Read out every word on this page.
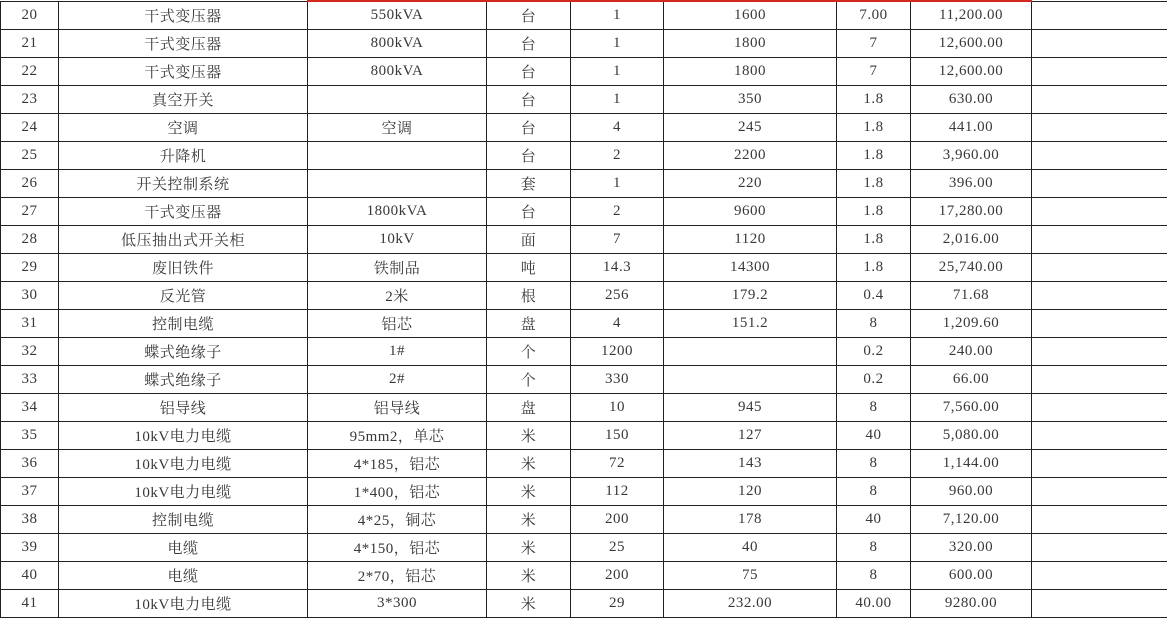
20	干式变压器	550kVA	台	1	1600	7.00	11,200.00	
21	干式变压器	800kVA	台	1	1800	7	12,600.00	
22	干式变压器	800kVA	台	1	1800	7	12,600.00	
23	真空开关		台	1	350	1.8	630.00	
24	空调	空调	台	4	245	1.8	441.00	
25	升降机		台	2	2200	1.8	3,960.00	
26	开关控制系统		套	1	220	1.8	396.00	
27	干式变压器	1800kVA	台	2	9600	1.8	17,280.00	
28	低压抽出式开关柜	10kV	面	7	1120	1.8	2,016.00	
29	废旧铁件	铁制品	吨	14.3	14300	1.8	25,740.00	
30	反光管	2米	根	256	179.2	0.4	71.68	
31	控制电缆	铝芯	盘	4	151.2	8	1,209.60	
32	蝶式绝缘子	1#	个	1200		0.2	240.00	
33	蝶式绝缘子	2#	个	330		0.2	66.00	
34	铝导线	铝导线	盘	10	945	8	7,560.00	
35	10kV电力电缆	95mm2，单芯	米	150	127	40	5,080.00	
36	10kV电力电缆	4*185，铝芯	米	72	143	8	1,144.00	
37	10kV电力电缆	1*400，铝芯	米	112	120	8	960.00	
38	控制电缆	4*25，铜芯	米	200	178	40	7,120.00	
39	电缆	4*150，铝芯	米	25	40	8	320.00	
40	电缆	2*70，铝芯	米	200	75	8	600.00	
41	10kV电力电缆	3*300	米	29	232.00	40.00	9280.00	
